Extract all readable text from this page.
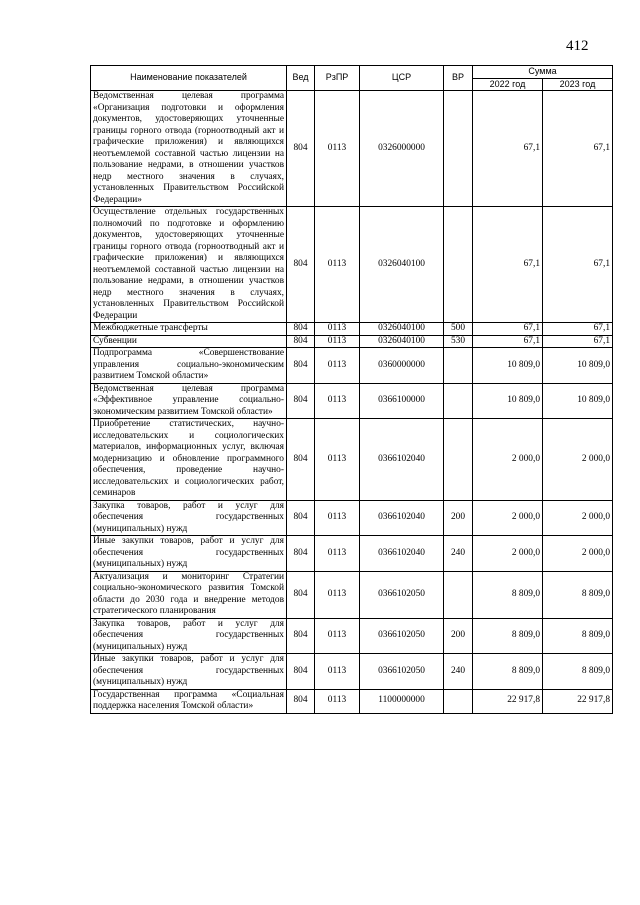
412
Наименование показателей	Вед	РзПР	ЦСР	ВР	Сумма	
					2022 год	2023 год
Ведомственная целевая программа «Организация подготовки и оформления документов, удостоверяющих уточненные границы горного отвода (горноотводный акт и графические приложения) и являющихся неотъемлемой составной частью лицензии на пользование недрами, в отношении участков недр местного значения в случаях, установленных Правительством Российской Федерации»	804	0113	0326000000		67,1	67,1
Осуществление отдельных государственных полномочий по подготовке и оформлению документов, удостоверяющих уточненные границы горного отвода (горноотводный акт и графические приложения) и являющихся неотъемлемой составной частью лицензии на пользование недрами, в отношении участков недр местного значения в случаях, установленных Правительством Российской Федерации	804	0113	0326040100		67,1	67,1
Межбюджетные трансферты	804	0113	0326040100	500	67,1	67,1
Субвенции	804	0113	0326040100	530	67,1	67,1
Подпрограмма «Совершенствование управления социально-экономическим развитием Томской области»	804	0113	0360000000		10 809,0	10 809,0
Ведомственная целевая программа «Эффективное управление социально-экономическим развитием Томской области»	804	0113	0366100000		10 809,0	10 809,0
Приобретение статистических, научно-исследовательских и социологических материалов, информационных услуг, включая модернизацию и обновление программного обеспечения, проведение научно-исследовательских и социологических работ, семинаров	804	0113	0366102040		2 000,0	2 000,0
Закупка товаров, работ и услуг для обеспечения государственных (муниципальных) нужд	804	0113	0366102040	200	2 000,0	2 000,0
Иные закупки товаров, работ и услуг для обеспечения государственных (муниципальных) нужд	804	0113	0366102040	240	2 000,0	2 000,0
Актуализация и мониторинг Стратегии социально-экономического развития Томской области до 2030 года и внедрение методов стратегического планирования	804	0113	0366102050		8 809,0	8 809,0
Закупка товаров, работ и услуг для обеспечения государственных (муниципальных) нужд	804	0113	0366102050	200	8 809,0	8 809,0
Иные закупки товаров, работ и услуг для обеспечения государственных (муниципальных) нужд	804	0113	0366102050	240	8 809,0	8 809,0
Государственная программа «Социальная поддержка населения Томской области»	804	0113	1100000000		22 917,8	22 917,8
